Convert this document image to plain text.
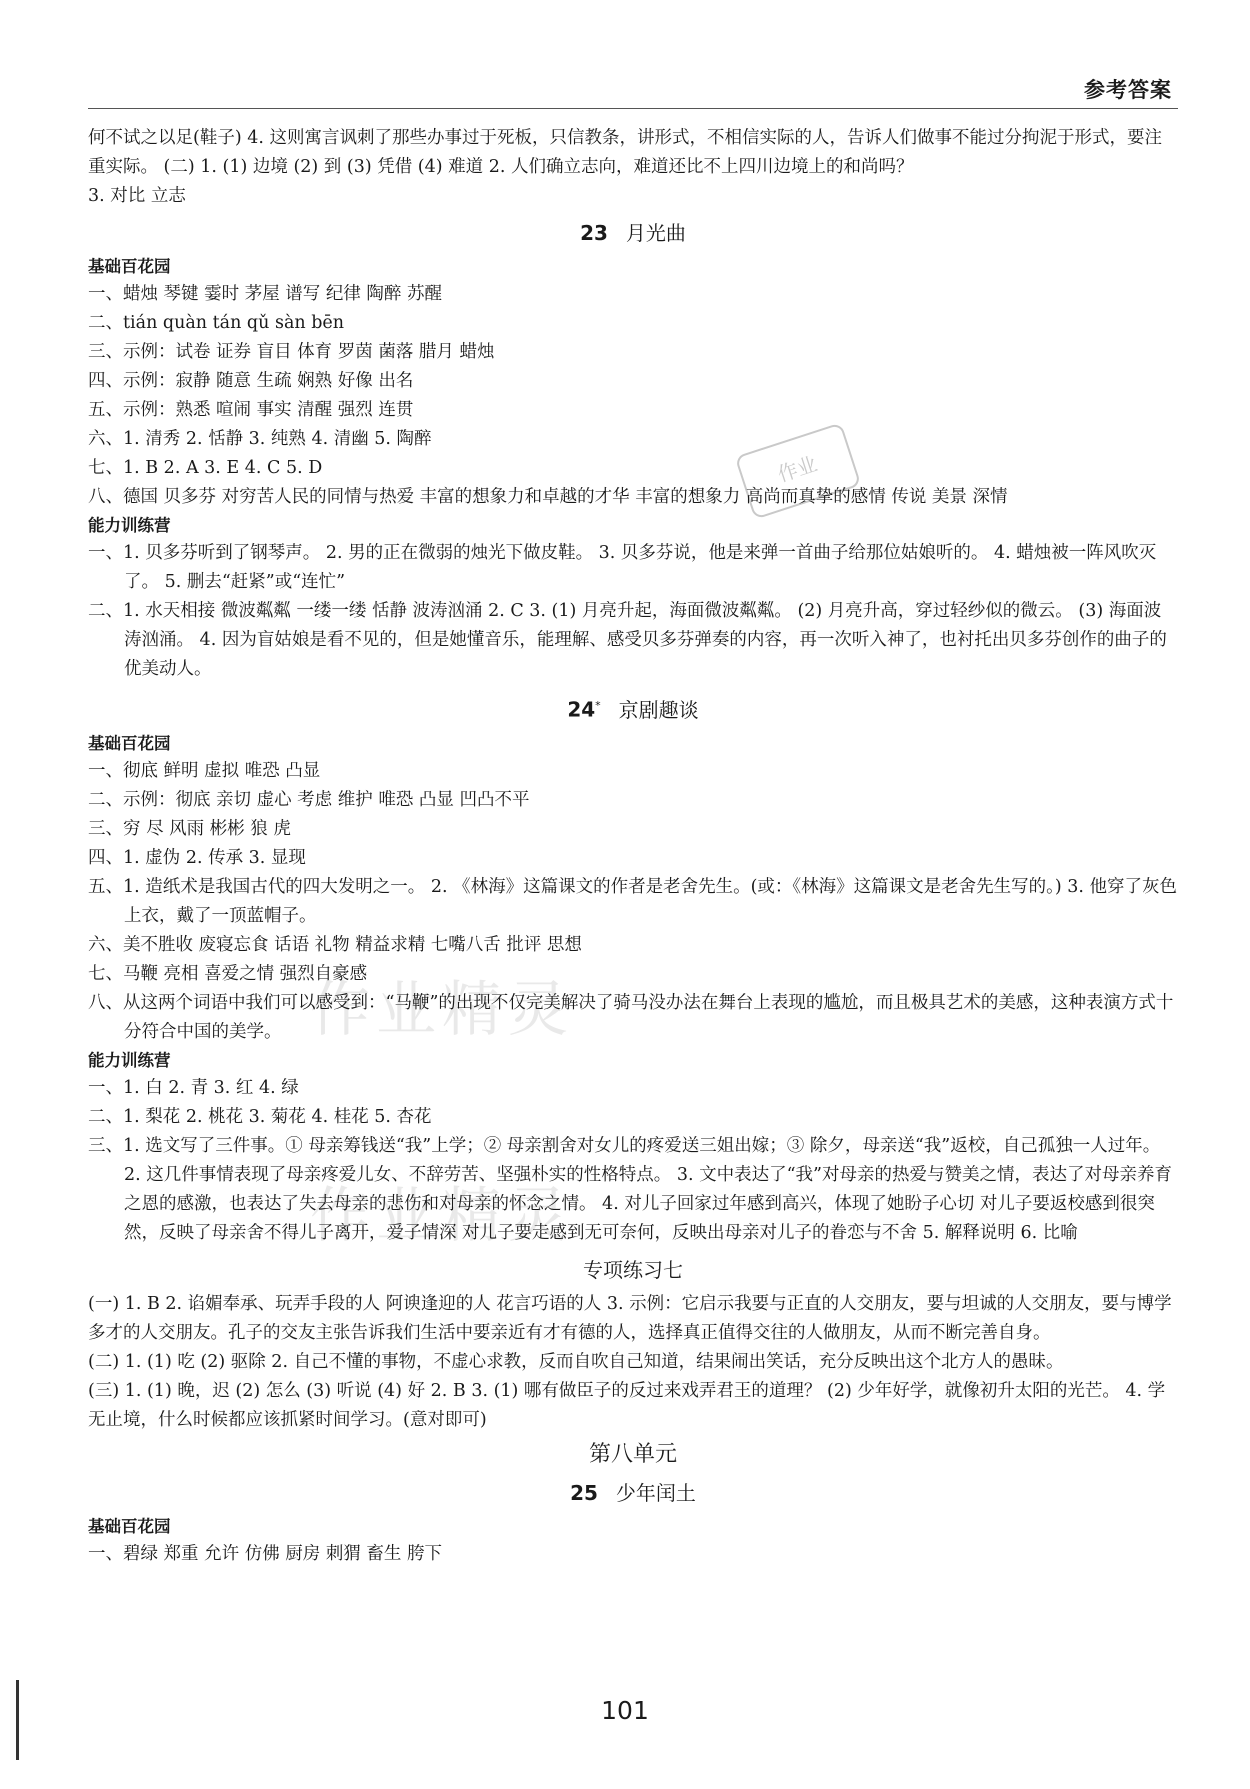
参考答案
作业精灵
作业精灵
作业

何不试之以足(鞋子) 4. 这则寓言讽刺了那些办事过于死板，只信教条，讲形式，不相信实际的人，告诉人们做事不能过分拘泥于形式，要注重实际。 (二) 1. (1) 边境 (2) 到 (3) 凭借 (4) 难道 2. 人们确立志向，难道还比不上四川边境上的和尚吗？

3. 对比 立志

23 月光曲
基础百花园

一、蜡烛 琴键 霎时 茅屋 谱写 纪律 陶醉 苏醒

二、tián quàn tán qǔ sàn bēn

三、示例：试卷 证券 盲目 体育 罗茵 菌落 腊月 蜡烛

四、示例：寂静 随意 生疏 娴熟 好像 出名

五、示例：熟悉 喧闹 事实 清醒 强烈 连贯

六、1. 清秀 2. 恬静 3. 纯熟 4. 清幽 5. 陶醉

七、1. B 2. A 3. E 4. C 5. D

八、德国 贝多芬 对穷苦人民的同情与热爱 丰富的想象力和卓越的才华 丰富的想象力 高尚而真挚的感情 传说 美景 深情

能力训练营

一、1. 贝多芬听到了钢琴声。 2. 男的正在微弱的烛光下做皮鞋。 3. 贝多芬说，他是来弹一首曲子给那位姑娘听的。 4. 蜡烛被一阵风吹灭了。 5. 删去“赶紧”或“连忙”

二、1. 水天相接 微波粼粼 一缕一缕 恬静 波涛汹涌 2. C 3. (1) 月亮升起，海面微波粼粼。 (2) 月亮升高，穿过轻纱似的微云。 (3) 海面波涛汹涌。 4. 因为盲姑娘是看不见的，但是她懂音乐，能理解、感受贝多芬弹奏的内容，再一次听入神了，也衬托出贝多芬创作的曲子的优美动人。

24* 京剧趣谈
基础百花园

一、彻底 鲜明 虚拟 唯恐 凸显

二、示例：彻底 亲切 虚心 考虑 维护 唯恐 凸显 凹凸不平

三、穷 尽 风雨 彬彬 狼 虎

四、1. 虚伪 2. 传承 3. 显现

五、1. 造纸术是我国古代的四大发明之一。 2. 《林海》这篇课文的作者是老舍先生。(或：《林海》这篇课文是老舍先生写的。) 3. 他穿了灰色上衣，戴了一顶蓝帽子。

六、美不胜收 废寝忘食 话语 礼物 精益求精 七嘴八舌 批评 思想

七、马鞭 亮相 喜爱之情 强烈自豪感

八、从这两个词语中我们可以感受到：“马鞭”的出现不仅完美解决了骑马没办法在舞台上表现的尴尬，而且极具艺术的美感，这种表演方式十分符合中国的美学。

能力训练营

一、1. 白 2. 青 3. 红 4. 绿

二、1. 梨花 2. 桃花 3. 菊花 4. 桂花 5. 杏花

三、1. 选文写了三件事。① 母亲筹钱送“我”上学；② 母亲割舍对女儿的疼爱送三姐出嫁；③ 除夕，母亲送“我”返校，自己孤独一人过年。 2. 这几件事情表现了母亲疼爱儿女、不辞劳苦、坚强朴实的性格特点。 3. 文中表达了“我”对母亲的热爱与赞美之情，表达了对母亲养育之恩的感激，也表达了失去母亲的悲伤和对母亲的怀念之情。 4. 对儿子回家过年感到高兴，体现了她盼子心切 对儿子要返校感到很突然，反映了母亲舍不得儿子离开，爱子情深 对儿子要走感到无可奈何，反映出母亲对儿子的眷恋与不舍 5. 解释说明 6. 比喻

专项练习七

(一) 1. B 2. 谄媚奉承、玩弄手段的人 阿谀逢迎的人 花言巧语的人 3. 示例：它启示我要与正直的人交朋友，要与坦诚的人交朋友，要与博学多才的人交朋友。孔子的交友主张告诉我们生活中要亲近有才有德的人，选择真正值得交往的人做朋友，从而不断完善自身。

(二) 1. (1) 吃 (2) 驱除 2. 自己不懂的事物，不虚心求教，反而自吹自己知道，结果闹出笑话，充分反映出这个北方人的愚昧。

(三) 1. (1) 晚，迟 (2) 怎么 (3) 听说 (4) 好 2. B 3. (1) 哪有做臣子的反过来戏弄君王的道理？ (2) 少年好学，就像初升太阳的光芒。 4. 学无止境，什么时候都应该抓紧时间学习。(意对即可)

第八单元
25 少年闰土
基础百花园

一、碧绿 郑重 允许 仿佛 厨房 刺猬 畜生 胯下

101
